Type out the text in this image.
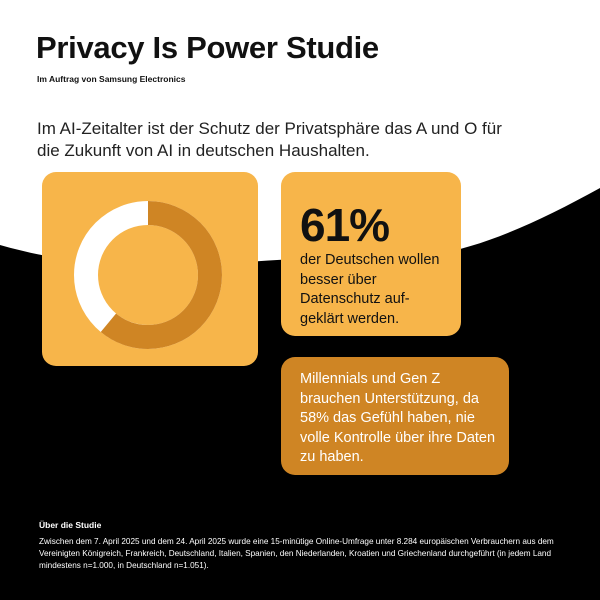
Privacy Is Power Studie
Im Auftrag von Samsung Electronics
Im AI-Zeitalter ist der Schutz der Privatsphäre das A und O für die Zukunft von AI in deutschen Haushalten.
61%
der Deutschen wollen besser über Datenschutz auf-geklärt werden.
Millennials und Gen Z brauchen Unterstützung, da 58% das Gefühl haben, nie volle Kontrolle über ihre Daten zu haben.
Über die Studie
Zwischen dem 7. April 2025 und dem 24. April 2025 wurde eine 15-minütige Online-Umfrage unter 8.284 europäischen Verbrauchern aus dem Vereinigten Königreich, Frankreich, Deutschland, Italien, Spanien, den Niederlanden, Kroatien und Griechenland durchgeführt (in jedem Land mindestens n=1.000, in Deutschland n=1.051).
